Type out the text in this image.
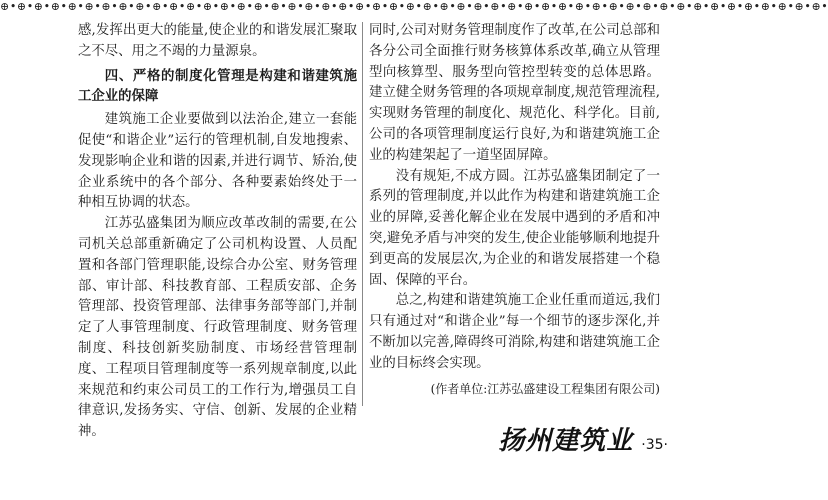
⊕•⊕•⊕•⊕•⊕•⊕•⊕•⊕•⊕•⊕•⊕•⊕•⊕•⊕•⊕•⊕•⊕•⊕•⊕•⊕•⊕•⊕•⊕•⊕•⊕•⊕•⊕•⊕•⊕•⊕•⊕•⊕•⊕•⊕•⊕•⊕•⊕•⊕•⊕•⊕•⊕•⊕•⊕•⊕•⊕•⊕•⊕•⊕•⊕•

感,发挥出更大的能量,使企业的和谐发展汇聚取之不尽、用之不竭的力量源泉。

四、严格的制度化管理是构建和谐建筑施工企业的保障

建筑施工企业要做到以法治企,建立一套能促使“和谐企业”运行的管理机制,自发地搜索、发现影响企业和谐的因素,并进行调节、矫治,使企业系统中的各个部分、各种要素始终处于一种相互协调的状态。

江苏弘盛集团为顺应改革改制的需要,在公司机关总部重新确定了公司机构设置、人员配置和各部门管理职能,设综合办公室、财务管理部、审计部、科技教育部、工程质安部、企务管理部、投资管理部、法律事务部等部门,并制定了人事管理制度、行政管理制度、财务管理制度、科技创新奖励制度、市场经营管理制度、工程项目管理制度等一系列规章制度,以此来规范和约束公司员工的工作行为,增强员工自律意识,发扬务实、守信、创新、发展的企业精神。

同时,公司对财务管理制度作了改革,在公司总部和各分公司全面推行财务核算体系改革,确立从管理型向核算型、服务型向管控型转变的总体思路。建立健全财务管理的各项规章制度,规范管理流程,实现财务管理的制度化、规范化、科学化。目前,公司的各项管理制度运行良好,为和谐建筑施工企业的构建架起了一道坚固屏障。

没有规矩,不成方圆。江苏弘盛集团制定了一系列的管理制度,并以此作为构建和谐建筑施工企业的屏障,妥善化解企业在发展中遇到的矛盾和冲突,避免矛盾与冲突的发生,使企业能够顺利地提升到更高的发展层次,为企业的和谐发展搭建一个稳固、保障的平台。

总之,构建和谐建筑施工企业任重而道远,我们只有通过对“和谐企业”每一个细节的逐步深化,并不断加以完善,障碍终可消除,构建和谐建筑施工企业的目标终会实现。

(作者单位:江苏弘盛建设工程集团有限公司)

扬州建筑业 ·35·
